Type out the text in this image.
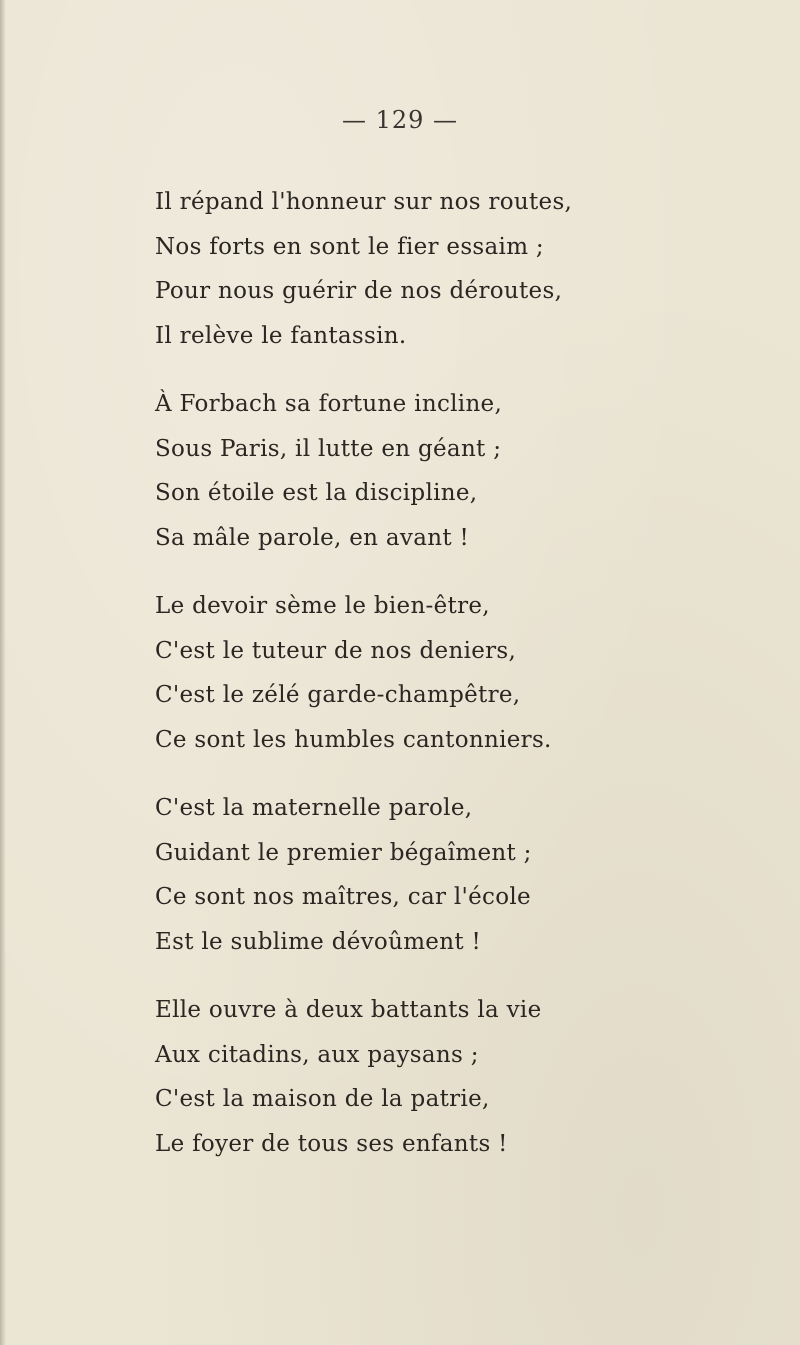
— 129 —
Il répand l'honneur sur nos routes,
Nos forts en sont le fier essaim ;
Pour nous guérir de nos déroutes,
Il relève le fantassin.
À Forbach sa fortune incline,
Sous Paris, il lutte en géant ;
Son étoile est la discipline,
Sa mâle parole, en avant !
Le devoir sème le bien-être,
C'est le tuteur de nos deniers,
C'est le zélé garde-champêtre,
Ce sont les humbles cantonniers.
C'est la maternelle parole,
Guidant le premier bégaîment ;
Ce sont nos maîtres, car l'école
Est le sublime dévoûment !
Elle ouvre à deux battants la vie
Aux citadins, aux paysans ;
C'est la maison de la patrie,
Le foyer de tous ses enfants !
